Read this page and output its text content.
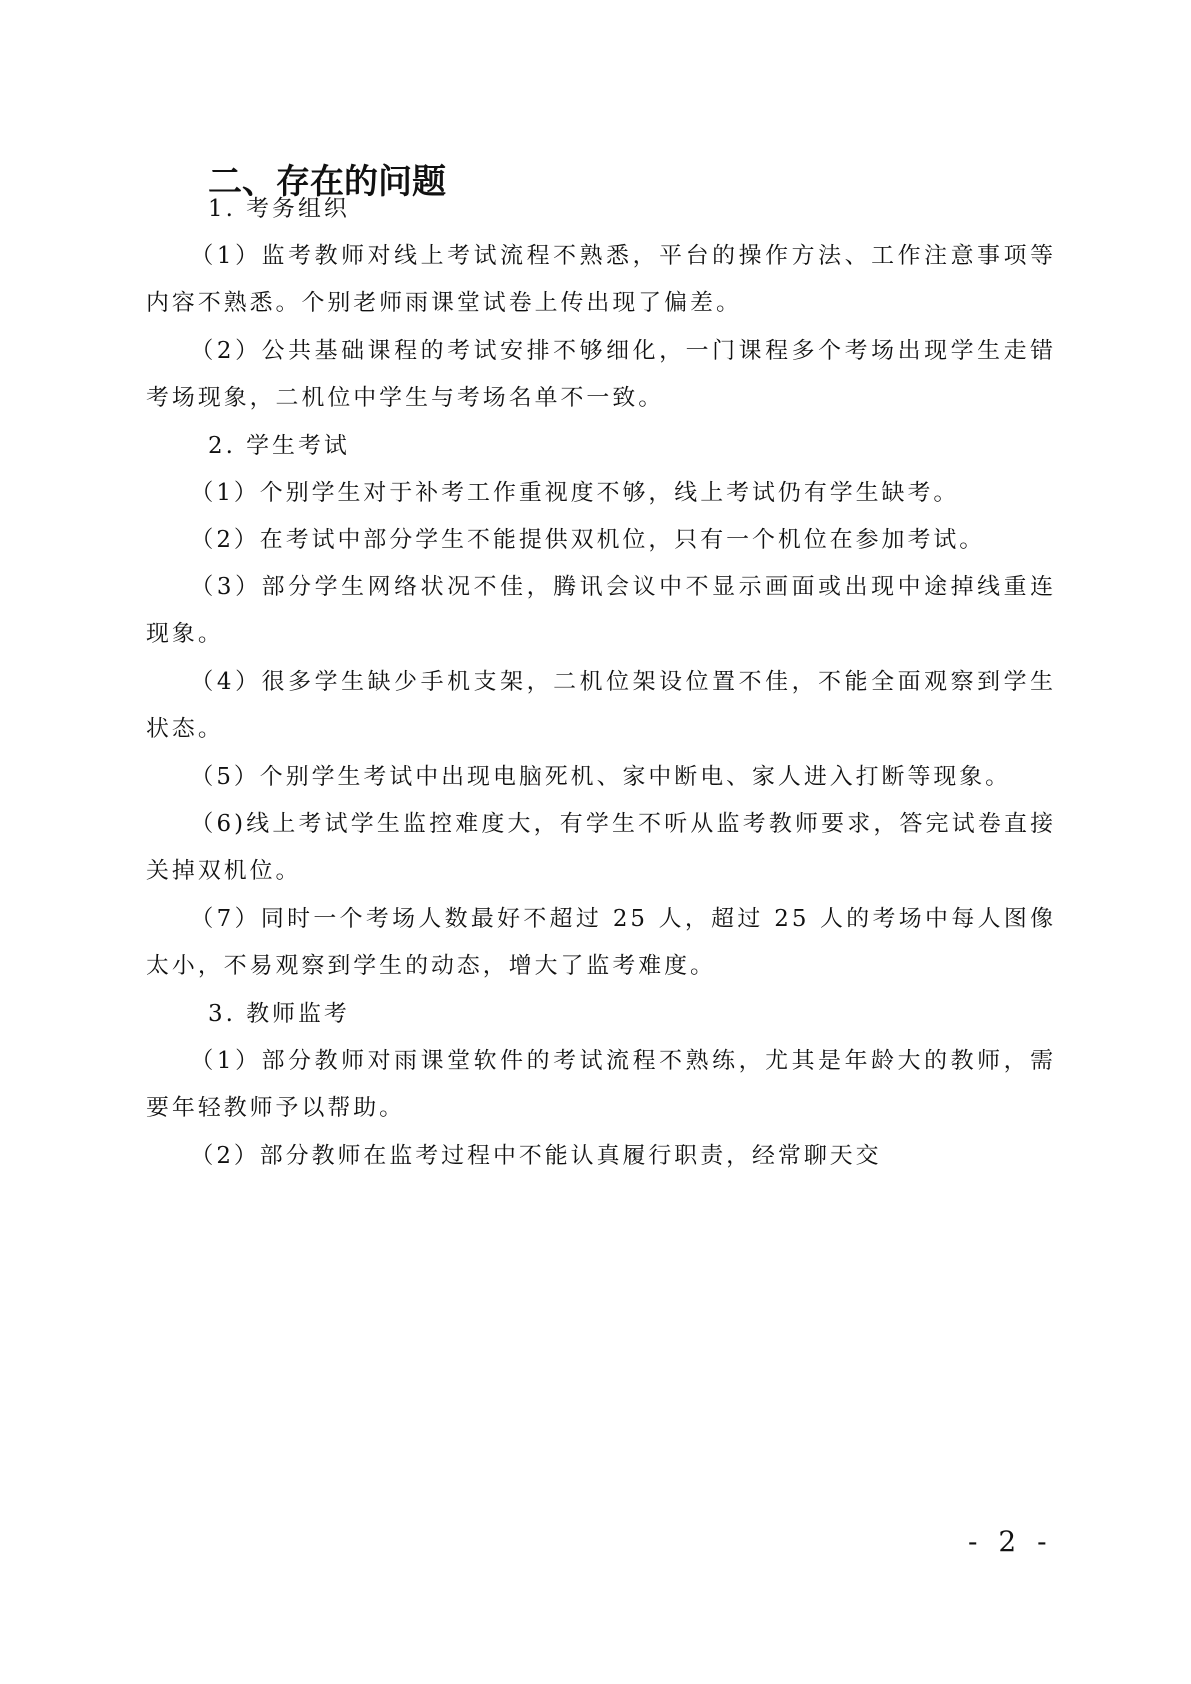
二、存在的问题
1. 考务组织
（1）监考教师对线上考试流程不熟悉，平台的操作方法、工作注意事项等内容不熟悉。个别老师雨课堂试卷上传出现了偏差。
（2）公共基础课程的考试安排不够细化，一门课程多个考场出现学生走错考场现象，二机位中学生与考场名单不一致。
2. 学生考试
（1）个别学生对于补考工作重视度不够，线上考试仍有学生缺考。
（2）在考试中部分学生不能提供双机位，只有一个机位在参加考试。
（3）部分学生网络状况不佳，腾讯会议中不显示画面或出现中途掉线重连现象。
（4）很多学生缺少手机支架，二机位架设位置不佳，不能全面观察到学生状态。
（5）个别学生考试中出现电脑死机、家中断电、家人进入打断等现象。
（6)线上考试学生监控难度大，有学生不听从监考教师要求，答完试卷直接关掉双机位。
（7）同时一个考场人数最好不超过 25 人，超过 25 人的考场中每人图像太小，不易观察到学生的动态，增大了监考难度。
3. 教师监考
（1）部分教师对雨课堂软件的考试流程不熟练，尤其是年龄大的教师，需要年轻教师予以帮助。
（2）部分教师在监考过程中不能认真履行职责，经常聊天交
- 2 -
